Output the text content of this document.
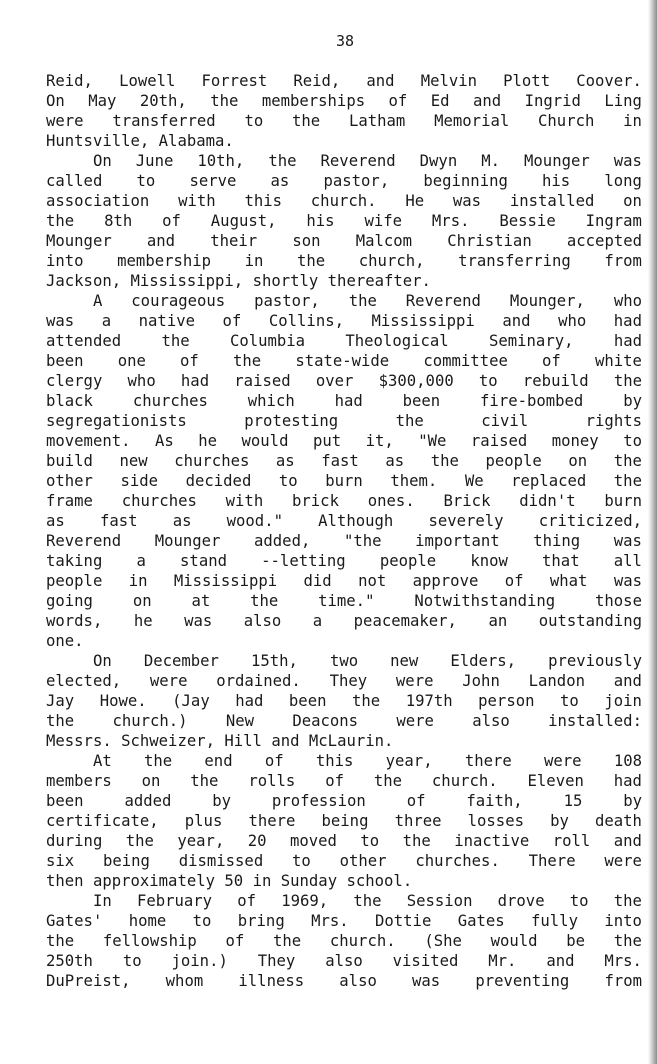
38
Reid, Lowell Forrest Reid, and Melvin Plott Coover.
On May 20th, the memberships of Ed and Ingrid Ling
were transferred to the Latham Memorial Church in
Huntsville, Alabama.
On June 10th, the Reverend Dwyn M. Mounger was
called to serve as pastor, beginning his long
association with this church. He was installed on
the 8th of August, his wife Mrs. Bessie Ingram
Mounger and their son Malcom Christian accepted
into membership in the church, transferring from
Jackson, Mississippi, shortly thereafter.
A courageous pastor, the Reverend Mounger, who
was a native of Collins, Mississippi and who had
attended	the	Columbia	Theological	Seminary,	had
been one of the state-wide committee of white
clergy who had raised over $300,000 to rebuild the
black	churches	which	had	been	fire-bombed	by
segregationists	protesting	the	civil	rights
movement. As he would put it, "We raised money to
build new churches as fast as the people on the
other side decided to burn them. We replaced the
frame churches with brick ones. Brick didn't burn
as fast as wood." Although severely criticized,
Reverend Mounger added, "the important thing was
taking a stand --letting people know that all
people in Mississippi did not approve of what was
going	on	at	the	time."	Notwithstanding	those
words, he was also a peacemaker, an outstanding
one.
On December 15th, two new Elders, previously
elected, were ordained. They were John Landon and
Jay Howe. (Jay had been the 197th person to join
the church.) New Deacons were also installed:
Messrs. Schweizer, Hill and McLaurin.
At the end of this year, there were 108
members on the rolls of the church. Eleven had
been	added	by	profession	of	faith,	15	by
certificate, plus there being three losses by death
during the year, 20 moved to the inactive roll and
six being dismissed to other churches. There were
then approximately 50 in Sunday school.
In February of 1969, the Session drove to the
Gates' home to bring Mrs. Dottie Gates fully into
the fellowship of the church. (She would be the
250th to join.) They also visited Mr. and Mrs.
DuPreist, whom illness also was preventing from
